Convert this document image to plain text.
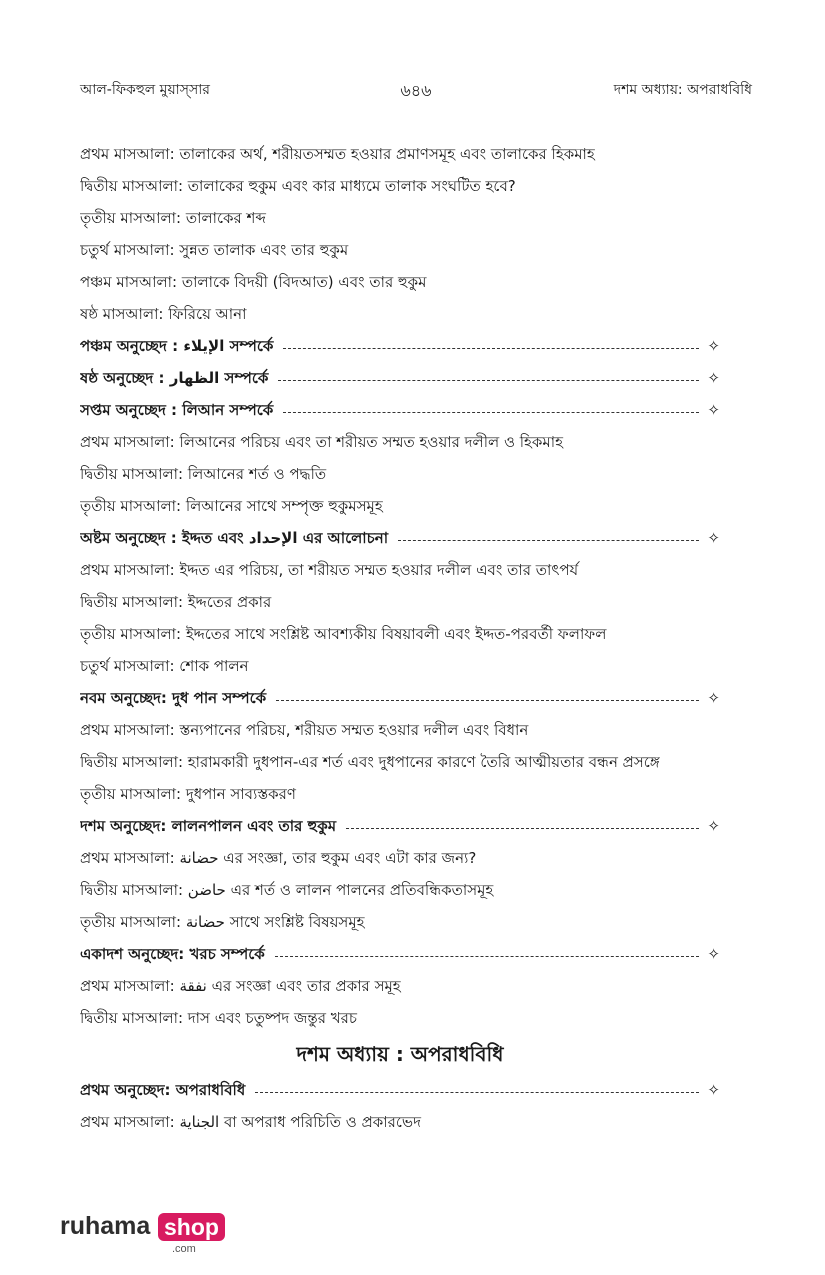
আল-ফিকহুল মুয়াস্সার	৬৪৬	দশম অধ্যায়: অপরাধবিধি
প্রথম মাসআলা: তালাকের অর্থ, শরীয়তসম্মত হওয়ার প্রমাণসমূহ এবং তালাকের হিকমাহ
দ্বিতীয় মাসআলা: তালাকের হুকুম এবং কার মাধ্যমে তালাক সংঘটিত হবে?
তৃতীয় মাসআলা: তালাকের শব্দ
চতুর্থ মাসআলা: সুন্নত তালাক এবং তার হুকুম
পঞ্চম মাসআলা: তালাকে বিদয়ী (বিদআত) এবং তার হুকুম
ষষ্ঠ মাসআলা: ফিরিয়ে আনা
পঞ্চম অনুচ্ছেদ : الإيلاء সম্পর্কে	✧
ষষ্ঠ অনুচ্ছেদ : الظهار সম্পর্কে	✧
সপ্তম অনুচ্ছেদ : লিআন সম্পর্কে	✧
প্রথম মাসআলা: লিআনের পরিচয় এবং তা শরীয়ত সম্মত হওয়ার দলীল ও হিকমাহ
দ্বিতীয় মাসআলা: লিআনের শর্ত ও পদ্ধতি
তৃতীয় মাসআলা: লিআনের সাথে সম্পৃক্ত হুকুমসমূহ
অষ্টম অনুচ্ছেদ : ইদ্দত এবং الإحداد এর আলোচনা	✧
প্রথম মাসআলা: ইদ্দত এর পরিচয়, তা শরীয়ত সম্মত হওয়ার দলীল এবং তার তাৎপর্য
দ্বিতীয় মাসআলা: ইদ্দতের প্রকার
তৃতীয় মাসআলা: ইদ্দতের সাথে সংশ্লিষ্ট আবশ্যকীয় বিষয়াবলী এবং ইদ্দত-পরবর্তী ফলাফল
চতুর্থ মাসআলা: শোক পালন
নবম অনুচ্ছেদ: দুধ পান সম্পর্কে	✧
প্রথম মাসআলা: স্তন্যপানের পরিচয়, শরীয়ত সম্মত হওয়ার দলীল এবং বিধান
দ্বিতীয় মাসআলা: হারামকারী দুধপান-এর শর্ত এবং দুধপানের কারণে তৈরি আত্মীয়তার বন্ধন প্রসঙ্গে
তৃতীয় মাসআলা: দুধপান সাব্যস্তকরণ
দশম অনুচ্ছেদ: লালনপালন এবং তার হুকুম	✧
প্রথম মাসআলা: حضانة এর সংজ্ঞা, তার হুকুম এবং এটা কার জন্য?
দ্বিতীয় মাসআলা: حاضن এর শর্ত ও লালন পালনের প্রতিবন্ধিকতাসমূহ
তৃতীয় মাসআলা: حضانة সাথে সংশ্লিষ্ট বিষয়সমূহ
একাদশ অনুচ্ছেদ: খরচ সম্পর্কে	✧
প্রথম মাসআলা: نفقة এর সংজ্ঞা এবং তার প্রকার সমূহ
দ্বিতীয় মাসআলা: দাস এবং চতুষ্পদ জন্তুর খরচ
দশম অধ্যায় : অপরাধবিধি
প্রথম অনুচ্ছেদ: অপরাধবিধি	✧
প্রথম মাসআলা: الجناية বা অপরাধ পরিচিতি ও প্রকারভেদ
ruhama shop
.com
